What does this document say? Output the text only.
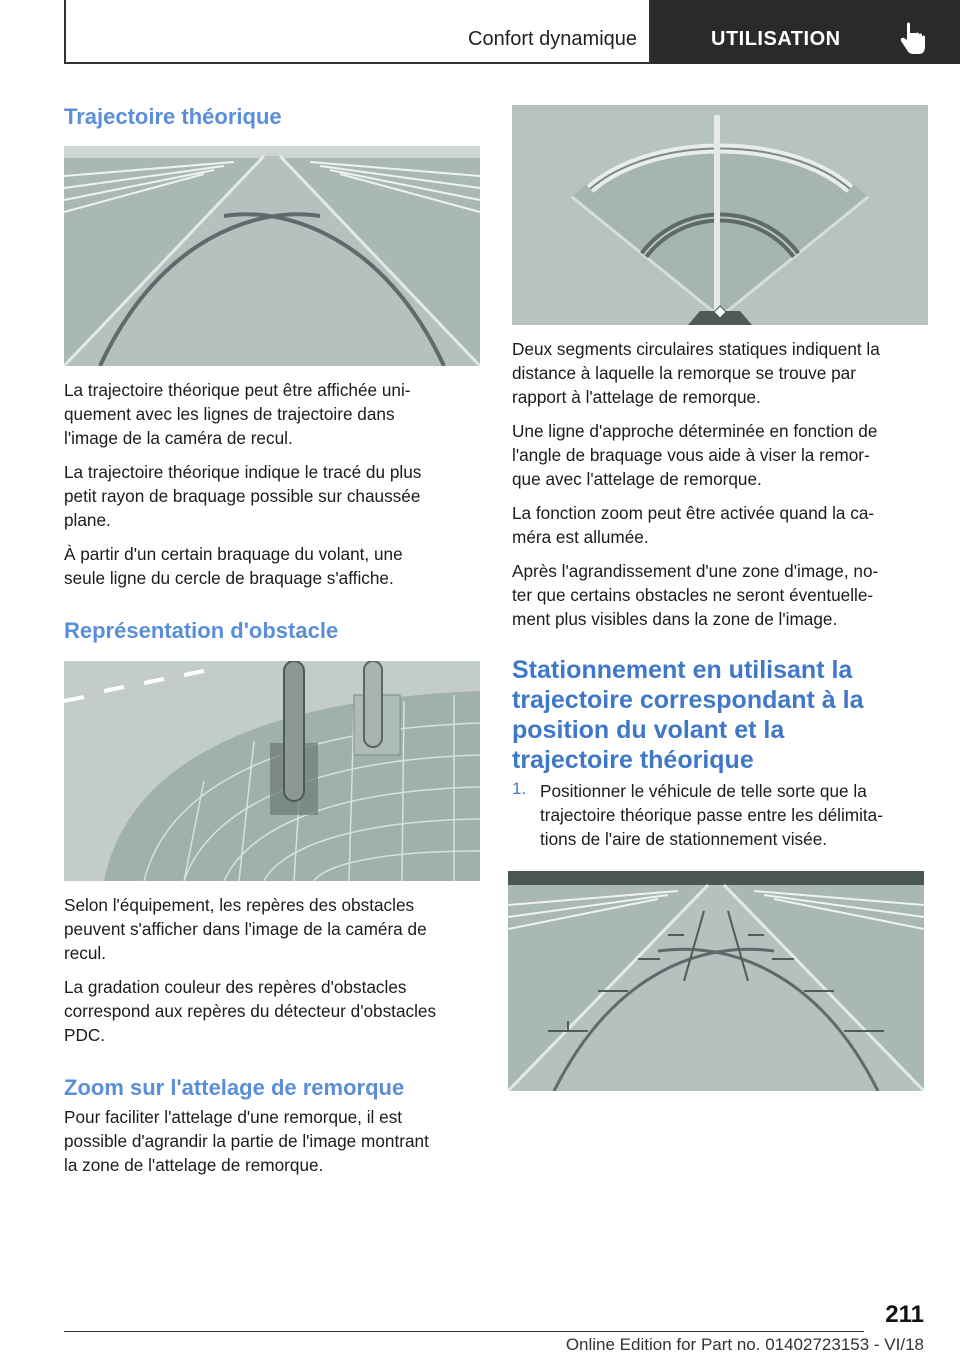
Confort dynamique	UTILISATION
Trajectoire théorique

La trajectoire théorique peut être affichée uni-

quement avec les lignes de trajectoire dans

l'image de la caméra de recul.

La trajectoire théorique indique le tracé du plus

petit rayon de braquage possible sur chaussée

plane.

À partir d'un certain braquage du volant, une

seule ligne du cercle de braquage s'affiche.

Représentation d'obstacle

Selon l'équipement, les repères des obstacles

peuvent s'afficher dans l'image de la caméra de

recul.

La gradation couleur des repères d'obstacles

correspond aux repères du détecteur d'obstacles

PDC.

Zoom sur l'attelage de remorque

Pour faciliter l'attelage d'une remorque, il est

possible d'agrandir la partie de l'image montrant

la zone de l'attelage de remorque.

Deux segments circulaires statiques indiquent la

distance à laquelle la remorque se trouve par

rapport à l'attelage de remorque.

Une ligne d'approche déterminée en fonction de

l'angle de braquage vous aide à viser la remor-

que avec l'attelage de remorque.

La fonction zoom peut être activée quand la ca-

méra est allumée.

Après l'agrandissement d'une zone d'image, no-

ter que certains obstacles ne seront éventuelle-

ment plus visibles dans la zone de l'image.

Stationnement en utilisant la
trajectoire correspondant à la
position du volant et la
trajectoire théorique
1. Positionner le véhicule de telle sorte que la

trajectoire théorique passe entre les délimita-

tions de l'aire de stationnement visée.

211
Online Edition for Part no. 01402723153 - VI/18
